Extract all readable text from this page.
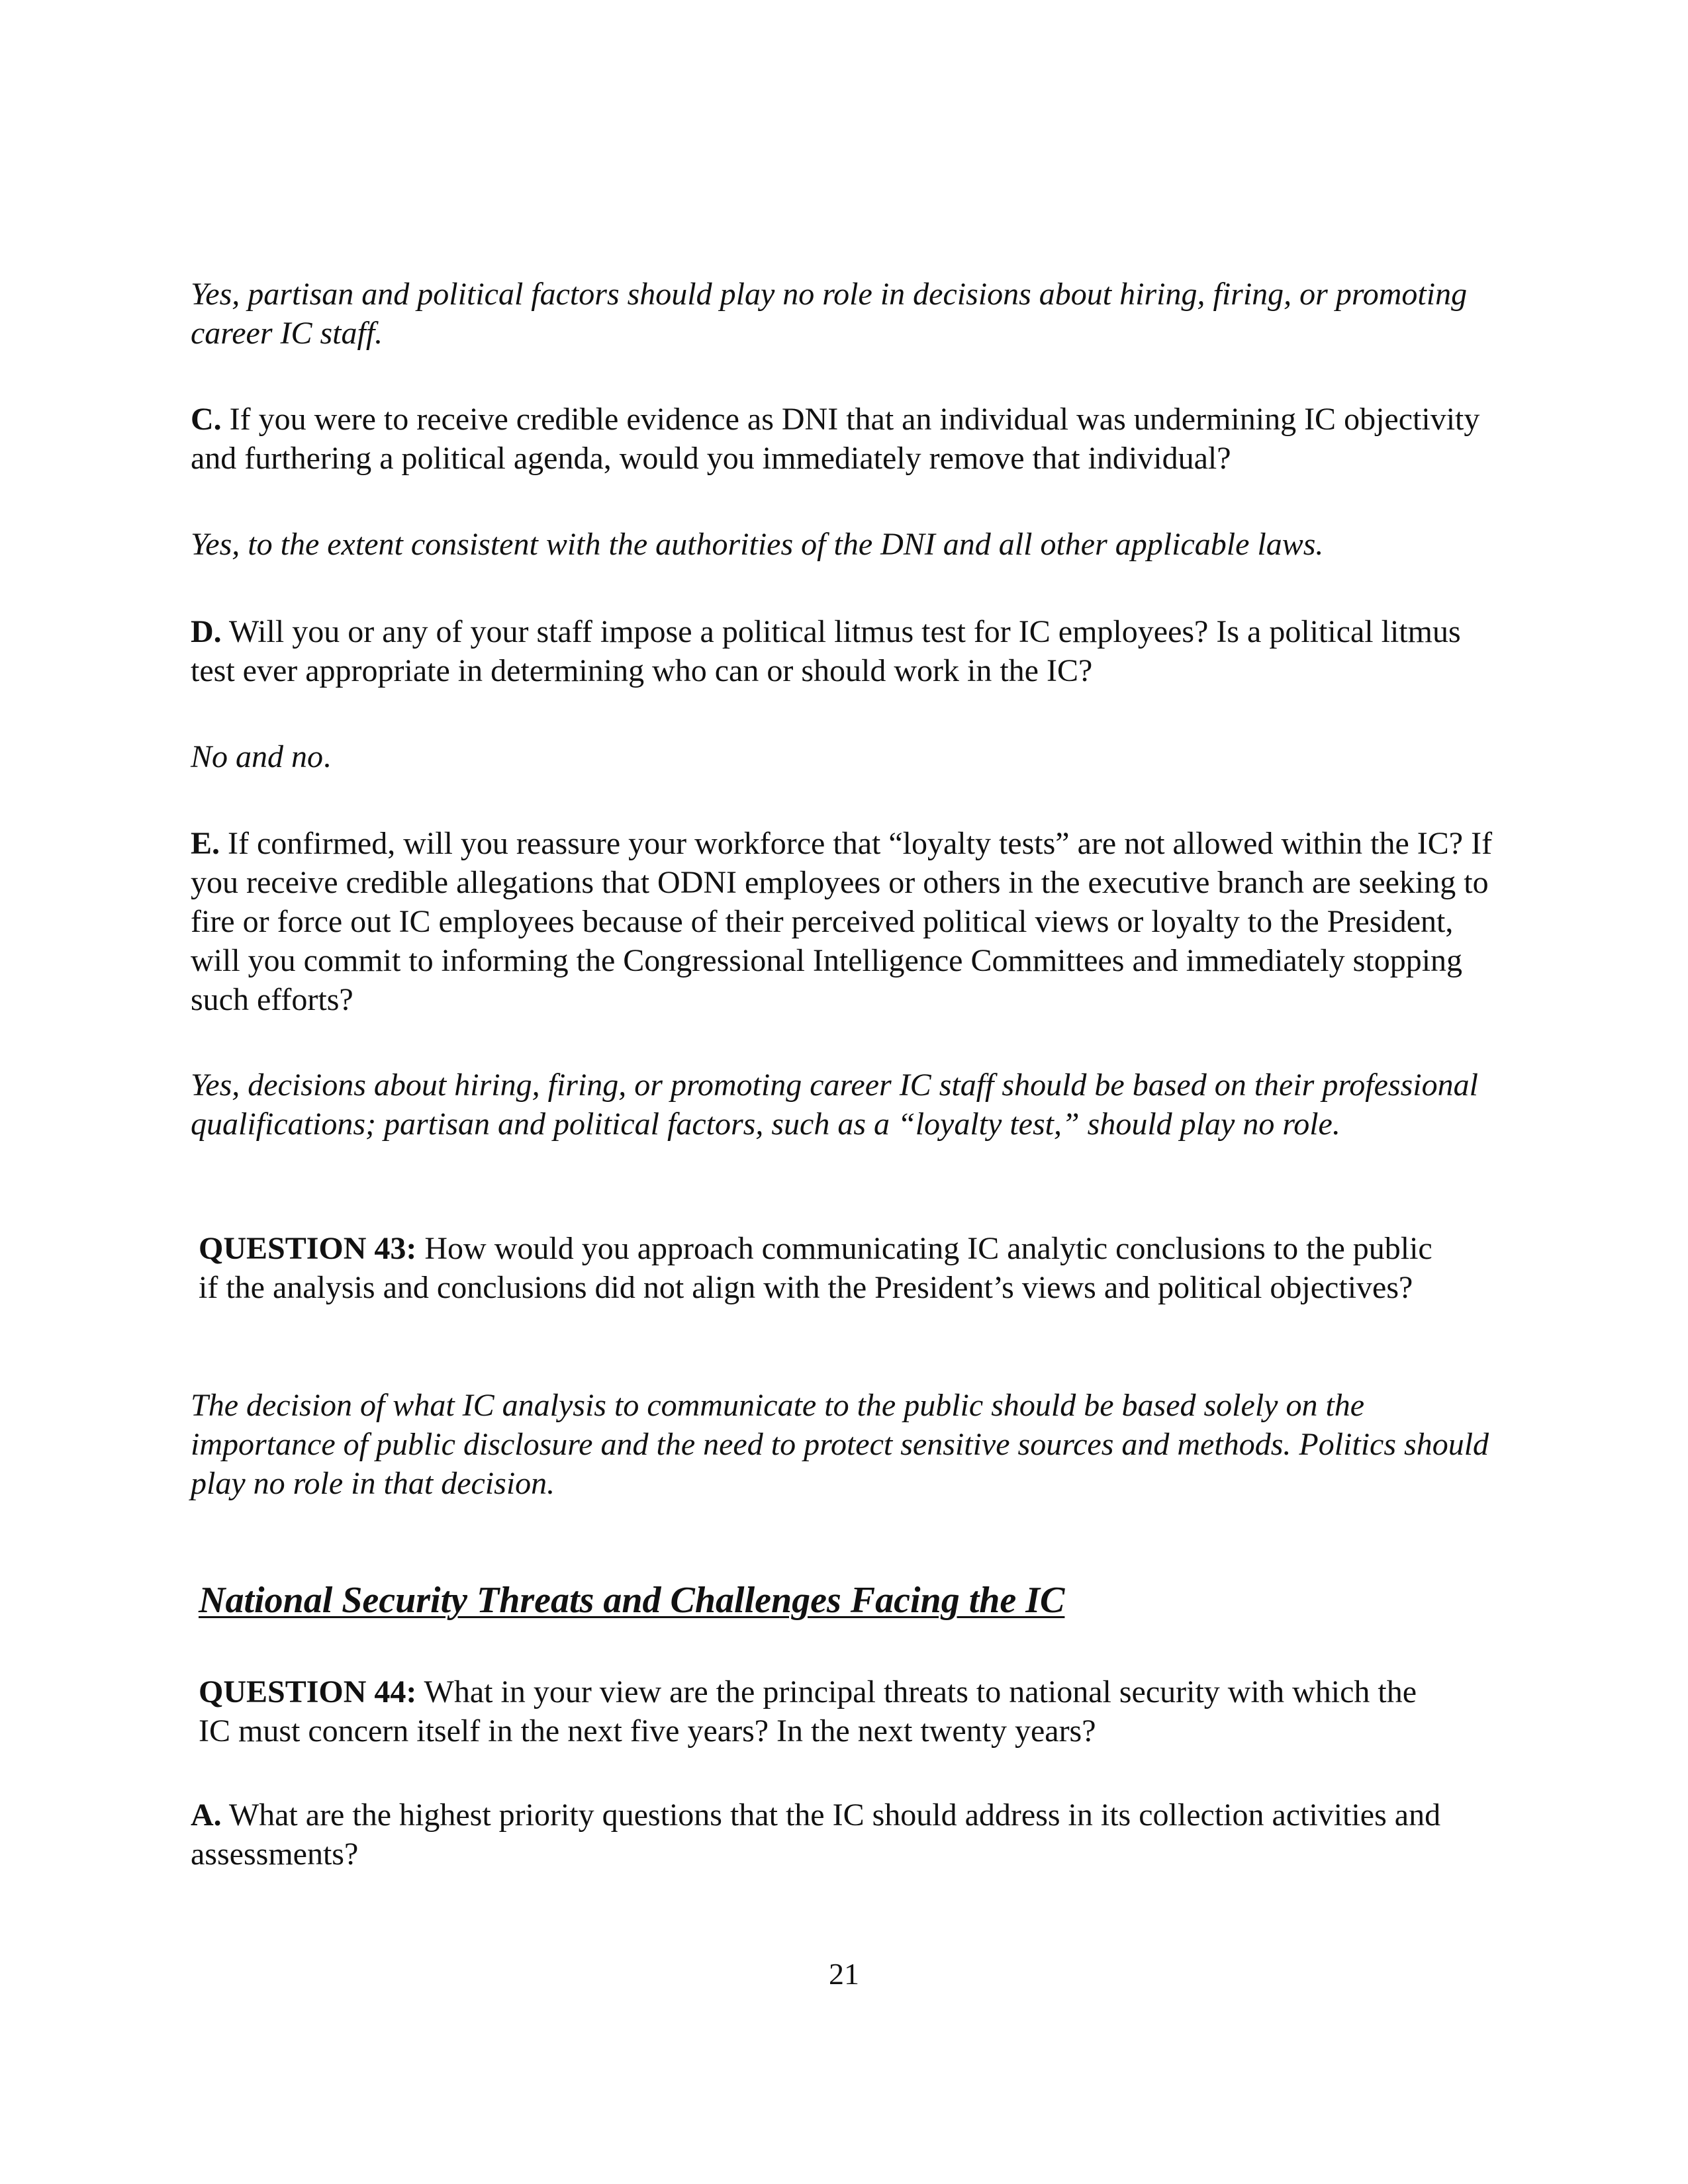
Yes, partisan and political factors should play no role in decisions about hiring, firing, or promoting career IC staff.

C. If you were to receive credible evidence as DNI that an individual was undermining IC objectivity and furthering a political agenda, would you immediately remove that individual?

Yes, to the extent consistent with the authorities of the DNI and all other applicable laws.

D. Will you or any of your staff impose a political litmus test for IC employees? Is a political litmus test ever appropriate in determining who can or should work in the IC?

No and no.

E. If confirmed, will you reassure your workforce that “loyalty tests” are not allowed within the IC? If you receive credible allegations that ODNI employees or others in the executive branch are seeking to fire or force out IC employees because of their perceived political views or loyalty to the President, will you commit to informing the Congressional Intelligence Committees and immediately stopping such efforts?

Yes, decisions about hiring, firing, or promoting career IC staff should be based on their professional qualifications; partisan and political factors, such as a “loyalty test,” should play no role.

QUESTION 43: How would you approach communicating IC analytic conclusions to the public if the analysis and conclusions did not align with the President’s views and political objectives?

The decision of what IC analysis to communicate to the public should be based solely on the importance of public disclosure and the need to protect sensitive sources and methods. Politics should play no role in that decision.

National Security Threats and Challenges Facing the IC

QUESTION 44: What in your view are the principal threats to national security with which the IC must concern itself in the next five years? In the next twenty years?

A. What are the highest priority questions that the IC should address in its collection activities and assessments?

21
